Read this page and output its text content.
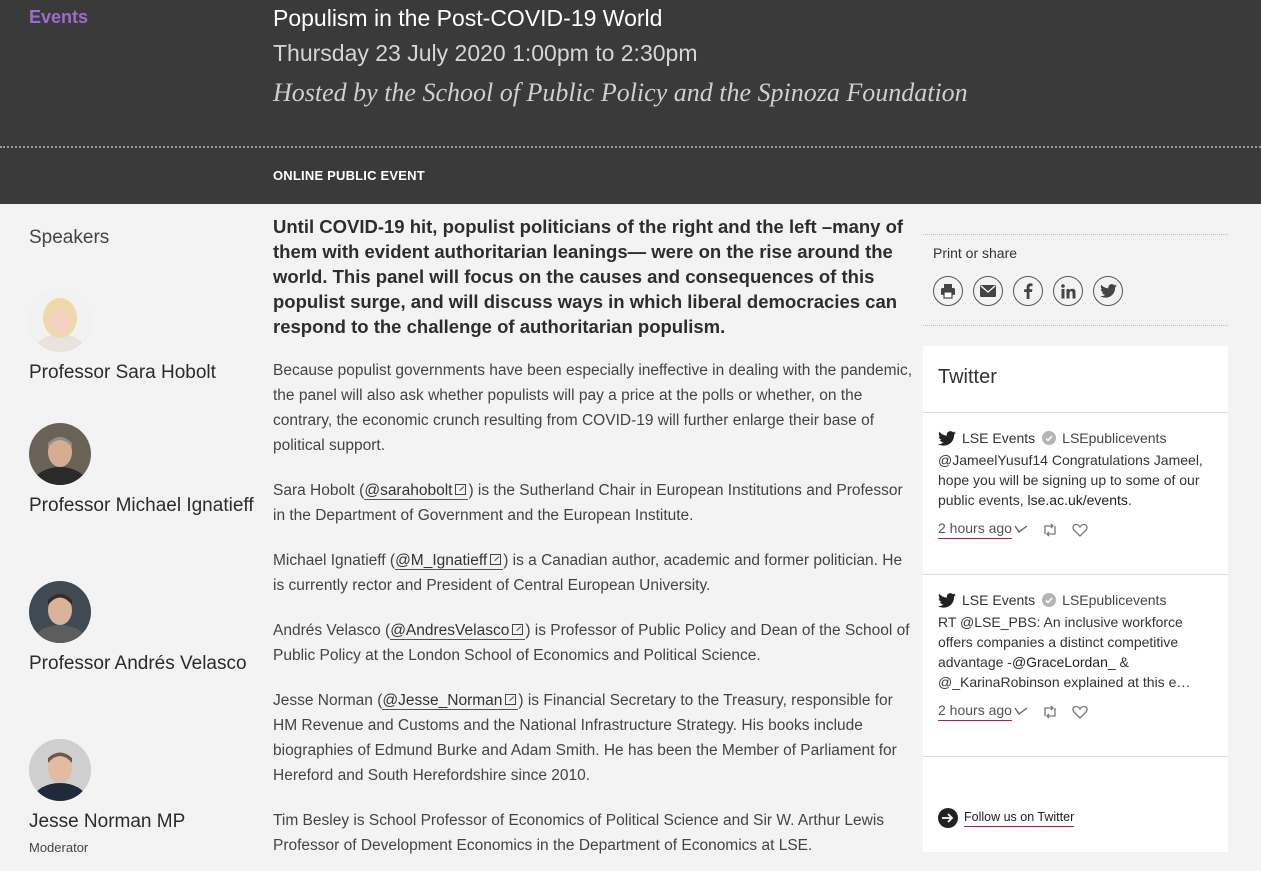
Events	Populism in the Post-COVID-19 World
Thursday 23 July 2020 1:00pm to 2:30pm
Hosted by the School of Public Policy and the Spinoza Foundation
ONLINE PUBLIC EVENT
Speakers
Professor Sara Hobolt
Professor Michael Ignatieff
Professor Andrés Velasco
Jesse Norman MP
Moderator
Until COVID-19 hit, populist politicians of the right and the left –many of them with evident authoritarian leanings— were on the rise around the world. This panel will focus on the causes and consequences of this populist surge, and will discuss ways in which liberal democracies can respond to the challenge of authoritarian populism.
Because populist governments have been especially ineffective in dealing with the pandemic, the panel will also ask whether populists will pay a price at the polls or whether, on the contrary, the economic crunch resulting from COVID-19 will further enlarge their base of political support.
Sara Hobolt (@sarahobolt ) is the Sutherland Chair in European Institutions and Professor in the Department of Government and the European Institute.
Michael Ignatieff (@M_Ignatieff ) is a Canadian author, academic and former politician. He is currently rector and President of Central European University.
Andrés Velasco (@AndresVelasco ) is Professor of Public Policy and Dean of the School of Public Policy at the London School of Economics and Political Science.
Jesse Norman (@Jesse_Norman ) is Financial Secretary to the Treasury, responsible for HM Revenue and Customs and the National Infrastructure Strategy. His books include biographies of Edmund Burke and Adam Smith. He has been the Member of Parliament for Hereford and South Herefordshire since 2010.
Tim Besley is School Professor of Economics of Political Science and Sir W. Arthur Lewis Professor of Development Economics in the Department of Economics at LSE.
Print or share
Twitter
LSE Events LSEpublicevents
@JameelYusuf14 Congratulations Jameel, hope you will be signing up to some of our public events, lse.ac.uk/events.
2 hours ago
LSE Events LSEpublicevents
RT @LSE_PBS: An inclusive workforce offers companies a distinct competitive advantage -@GraceLordan_ & @_KarinaRobinson explained at this e…
2 hours ago
Follow us on Twitter
